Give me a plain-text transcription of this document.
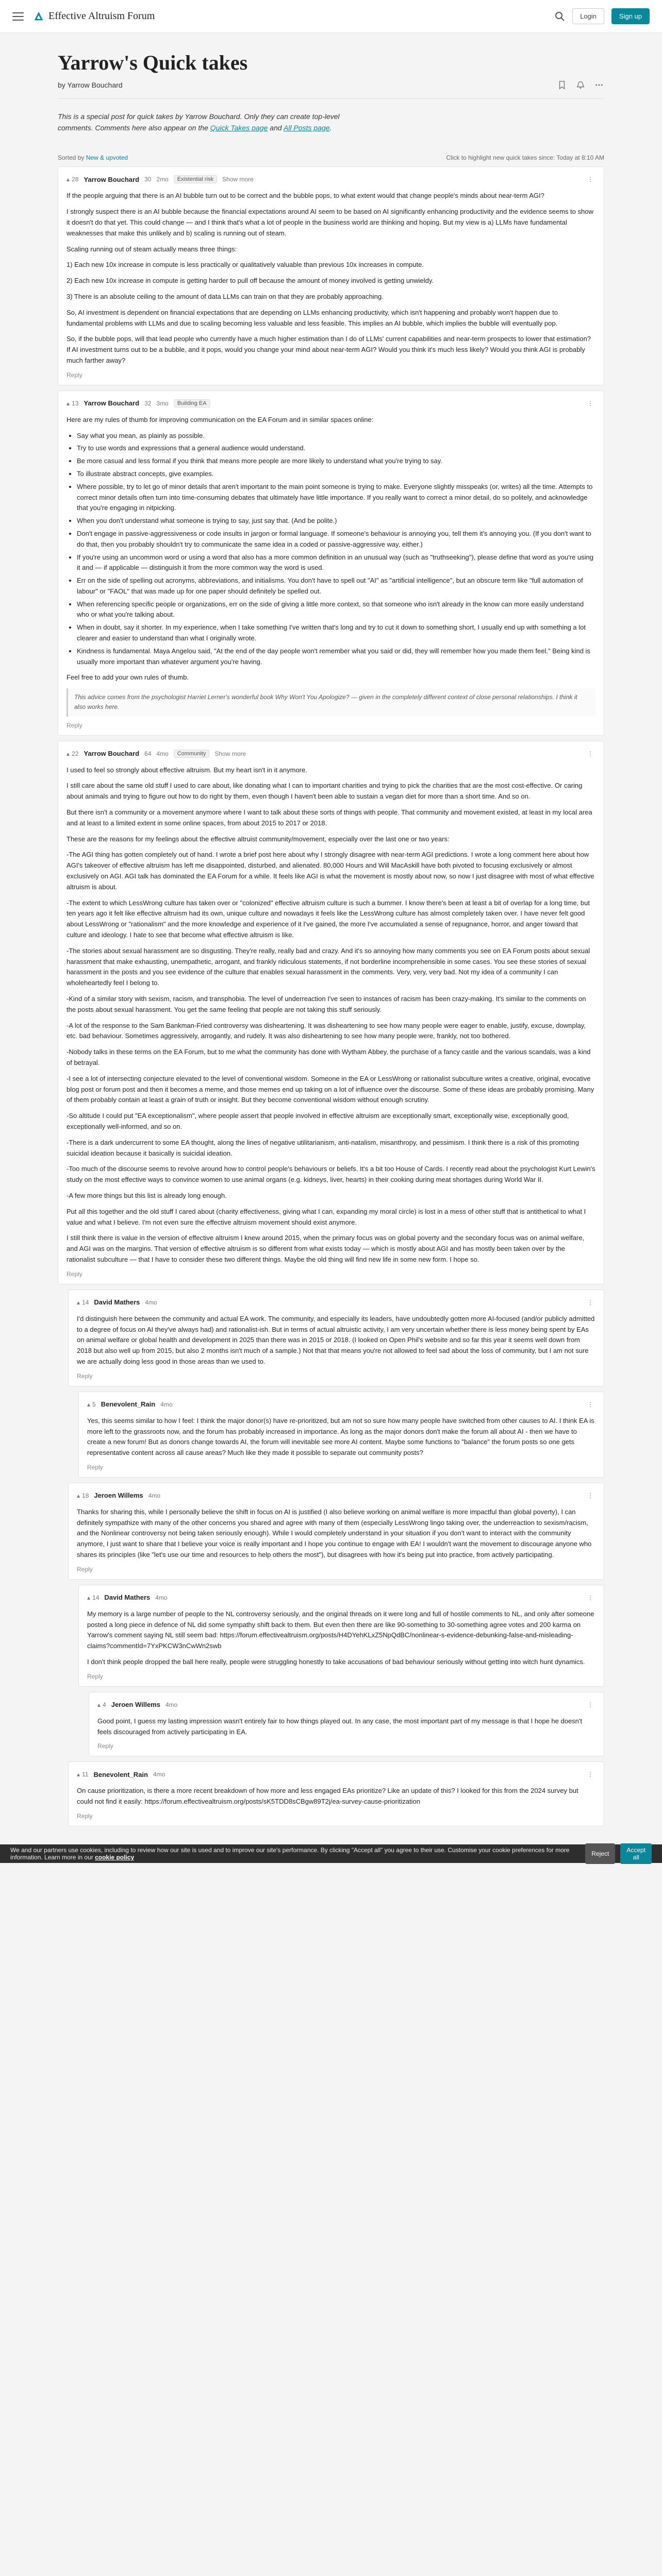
Effective Altruism Forum	Login	Sign up
Yarrow's Quick takes
by Yarrow Bouchard

This is a special post for quick takes by Yarrow Bouchard‍. Only they can create top-level comments. Comments here also appear on the Quick Takes page and All Posts page.

Sorted by
New & upvoted	Click to highlight new quick takes since: Today at 8:10 AM
▴ 28 Yarrow Bouchard‍ 30 2mo	Existential risk	Show more	⋮

If the people arguing that there is an AI bubble turn out to be correct and the bubble pops, to what extent would that change people's minds about near-term AGI?

I strongly suspect there is an AI bubble because the financial expectations around AI seem to be based on AI significantly enhancing productivity and the evidence seems to show it doesn't do that yet. This could change — and I think that's what a lot of people in the business world are thinking and hoping. But my view is a) LLMs have fundamental weaknesses that make this unlikely and b) scaling is running out of steam.

Scaling running out of steam actually means three things:

1) Each new 10x increase in compute is less practically or qualitatively valuable than previous 10x increases in compute.

2) Each new 10x increase in compute is getting harder to pull off because the amount of money involved is getting unwieldy.

3) There is an absolute ceiling to the amount of data LLMs can train on that they are probably approaching.

So, AI investment is dependent on financial expectations that are depending on LLMs enhancing productivity, which isn't happening and probably won't happen due to fundamental problems with LLMs and due to scaling becoming less valuable and less feasible. This implies an AI bubble, which implies the bubble will eventually pop.

So, if the bubble pops, will that lead people who currently have a much higher estimation than I do of LLMs' current capabilities and near-term prospects to lower that estimation? If AI investment turns out to be a bubble, and it pops, would you change your mind about near-term AGI? Would you think it's much less likely? Would you think AGI is probably much farther away?

Reply
▴ 13 Yarrow Bouchard‍ 32 3mo	Building EA	⋮

Here are my rules of thumb for improving communication on the EA Forum and in similar spaces online:

• Say what you mean, as plainly as possible.
• Try to use words and expressions that a general audience would understand.
• Be more casual and less formal if you think that means more people are more likely to understand what you're trying to say.
• To illustrate abstract concepts, give examples.
• Where possible, try to let go of minor details that aren't important to the main point someone is trying to make. Everyone slightly misspeaks (or, writes) all the time. Attempts to correct minor details often turn into time-consuming debates that ultimately have little importance. If you really want to correct a minor detail, do so politely, and acknowledge that you're engaging in nitpicking.
• When you don't understand what someone is trying to say, just say that. (And be polite.)
• Don't engage in passive-aggressiveness or code insults in jargon or formal language. If someone's behaviour is annoying you, tell them it's annoying you. (If you don't want to do that, then you probably shouldn't try to communicate the same idea in a coded or passive-aggressive way, either.)
• If you're using an uncommon word or using a word that also has a more common definition in an unusual way (such as "truthseeking"), please define that word as you're using it and — if applicable — distinguish it from the more common way the word is used.
• Err on the side of spelling out acronyms, abbreviations, and initialisms. You don't have to spell out "AI" as "artificial intelligence", but an obscure term like "full automation of labour" or "FAOL" that was made up for one paper should definitely be spelled out.
• When referencing specific people or organizations, err on the side of giving a little more context, so that someone who isn't already in the know can more easily understand who or what you're talking about.
• When in doubt, say it shorter. In my experience, when I take something I've written that's long and try to cut it down to something short, I usually end up with something a lot clearer and easier to understand than what I originally wrote.
• Kindness is fundamental. Maya Angelou said, "At the end of the day people won't remember what you said or did, they will remember how you made them feel." Being kind is usually more important than whatever argument you're having.

Feel free to add your own rules of thumb.

This advice comes from the psychologist Harriet Lerner's wonderful book Why Won't You Apologize? — given in the completely different context of close personal relationships. I think it also works here.
Reply
▴ 22 Yarrow Bouchard‍ 64 4mo	Community	Show more	⋮

I used to feel so strongly about effective altruism. But my heart isn't in it anymore.

I still care about the same old stuff I used to care about, like donating what I can to important charities and trying to pick the charities that are the most cost-effective. Or caring about animals and trying to figure out how to do right by them, even though I haven't been able to sustain a vegan diet for more than a short time. And so on.

But there isn't a community or a movement anymore where I want to talk about these sorts of things with people. That community and movement existed, at least in my local area and at least to a limited extent in some online spaces, from about 2015 to 2017 or 2018.

These are the reasons for my feelings about the effective altruist community/movement, especially over the last one or two years:

-The AGI thing has gotten completely out of hand. I wrote a brief post here about why I strongly disagree with near-term AGI predictions. I wrote a long comment here about how AGI's takeover of effective altruism has left me disappointed, disturbed, and alienated. 80,000 Hours and Will MacAskill have both pivoted to focusing exclusively or almost exclusively on AGI. AGI talk has dominated the EA Forum for a while. It feels like AGI is what the movement is mostly about now, so now I just disagree with most of what effective altruism is about.

-The extent to which LessWrong culture has taken over or "colonized" effective altruism culture is such a bummer. I know there's been at least a bit of overlap for a long time, but ten years ago it felt like effective altruism had its own, unique culture and nowadays it feels like the LessWrong culture has almost completely taken over. I have never felt good about LessWrong or "rationalism" and the more knowledge and experience of it I've gained, the more I've accumulated a sense of repugnance, horror, and anger toward that culture and ideology. I hate to see that become what effective altruism is like.

-The stories about sexual harassment are so disgusting. They're really, really bad and crazy. And it's so annoying how many comments you see on EA Forum posts about sexual harassment that make exhausting, unempathetic, arrogant, and frankly ridiculous statements, if not borderline incomprehensible in some cases. You see these stories of sexual harassment in the posts and you see evidence of the culture that enables sexual harassment in the comments. Very, very, very bad. Not my idea of a community I can wholeheartedly feel I belong to.

-Kind of a similar story with sexism, racism, and transphobia. The level of underreaction I've seen to instances of racism has been crazy-making. It's similar to the comments on the posts about sexual harassment. You get the same feeling that people are not taking this stuff seriously.

-A lot of the response to the Sam Bankman-Fried controversy was disheartening. It was disheartening to see how many people were eager to enable, justify, excuse, downplay, etc. bad behaviour. Sometimes aggressively, arrogantly, and rudely. It was also disheartening to see how many people were, frankly, not too bothered.

-Nobody talks in these terms on the EA Forum, but to me what the community has done with Wytham Abbey, the purchase of a fancy castle and the various scandals, was a kind of betrayal.

-I see a lot of intersecting conjecture elevated to the level of conventional wisdom. Someone in the EA or LessWrong or rationalist subculture writes a creative, original, evocative blog post or forum post and then it becomes a meme, and those memes end up taking on a lot of influence over the discourse. Some of these ideas are probably promising. Many of them probably contain at least a grain of truth or insight. But they become conventional wisdom without enough scrutiny.

-So altitude I could put "EA exceptionalism", where people assert that people involved in effective altruism are exceptionally smart, exceptionally wise, exceptionally good, exceptionally well-informed, and so on.

-There is a dark undercurrent to some EA thought, along the lines of negative utilitarianism, anti-natalism, misanthropy, and pessimism. I think there is a risk of this promoting suicidal ideation because it basically is suicidal ideation.

-Too much of the discourse seems to revolve around how to control people's behaviours or beliefs. It's a bit too House of Cards. I recently read about the psychologist Kurt Lewin's study on the most effective ways to convince women to use animal organs (e.g. kidneys, liver, hearts) in their cooking during meat shortages during World War II.

-A few more things but this list is already long enough.

Put all this together and the old stuff I cared about (charity effectiveness, giving what I can, expanding my moral circle) is lost in a mess of other stuff that is antithetical to what I value and what I believe. I'm not even sure the effective altruism movement should exist anymore.

I still think there is value in the version of effective altruism I knew around 2015, when the primary focus was on global poverty and the secondary focus was on animal welfare, and AGI was on the margins. That version of effective altruism is so different from what exists today — which is mostly about AGI and has mostly been taken over by the rationalist subculture — that I have to consider these two different things. Maybe the old thing will find new life in some new form. I hope so.

Reply
▴ 14 David Mathers‍ 4mo	⋮

I'd distinguish here between the community and actual EA work. The community, and especially its leaders, have undoubtedly gotten more AI-focused (and/or publicly admitted to a degree of focus on AI they've always had) and rationalist-ish. But in terms of actual altruistic activity, I am very uncertain whether there is less money being spent by EAs on animal welfare or global health and development in 2025 than there was in 2015 or 2018. (I looked on Open Phil's website and so far this year it seems well down from 2018 but also well up from 2015, but also 2 months isn't much of a sample.) Not that that means you're not allowed to feel sad about the loss of community, but I am not sure we are actually doing less good in those areas than we used to.

Reply
▴ 5 Benevolent_Rain‍ 4mo	⋮

Yes, this seems similar to how I feel: I think the major donor(s) have re-prioritized, but am not so sure how many people have switched from other causes to AI. I think EA is more left to the grassroots now, and the forum has probably increased in importance. As long as the major donors don't make the forum all about AI - then we have to create a new forum! But as donors change towards AI, the forum will inevitable see more AI content. Maybe some functions to "balance" the forum posts so one gets representative content across all cause areas? Much like they made it possible to separate out community posts?

Reply
▴ 18 Jeroen Willems‍ 4mo	⋮

Thanks for sharing this, while I personally believe the shift in focus on AI is justified (I also believe working on animal welfare is more impactful than global poverty), I can definitely sympathize with many of the other concerns you shared and agree with many of them (especially LessWrong lingo taking over, the underreaction to sexism/racism, and the Nonlinear controversy not being taken seriously enough). While I would completely understand in your situation if you don't want to interact with the community anymore, I just want to share that I believe your voice is really important and I hope you continue to engage with EA! I wouldn't want the movement to discourage anyone who shares its principles (like "let's use our time and resources to help others the most"), but disagrees with how it's being put into practice, from actively participating.

Reply
▴ 14 David Mathers‍ 4mo	⋮

My memory is a large number of people to the NL controversy seriously, and the original threads on it were long and full of hostile comments to NL, and only after someone posted a long piece in defence of NL did some sympathy shift back to them. But even then there are like 90-something to 30-something agree votes and 200 karma on Yarrow's comment saying NL still seem bad: https://forum.effectivealtruism.org/posts/H4DYehKLxZ5NpQdBC/nonlinear-s-evidence-debunking-false-and-misleading-claims?commentId=7YxPKCW3nCwWn2swb

I don't think people dropped the ball here really, people were struggling honestly to take accusations of bad behaviour seriously without getting into witch hunt dynamics.

Reply
▴ 4 Jeroen Willems‍ 4mo	⋮

Good point, I guess my lasting impression wasn't entirely fair to how things played out. In any case, the most important part of my message is that I hope he doesn't feels discouraged from actively participating in EA.

Reply
▴ 11 Benevolent_Rain‍ 4mo	⋮

On cause prioritization, is there a more recent breakdown of how more and less engaged EAs prioritize? Like an update of this? I looked for this from the 2024 survey but could not find it easily: https://forum.effectivealtruism.org/posts/sK5TDD8sCBgw89T2j/ea-survey-cause-prioritization

Reply
We and our partners use cookies, including to review how our site is used and to improve our site's performance. By clicking "Accept all" you agree to their use. Customise your cookie preferences for more information. Learn more in our cookie policy	Reject	Accept all
